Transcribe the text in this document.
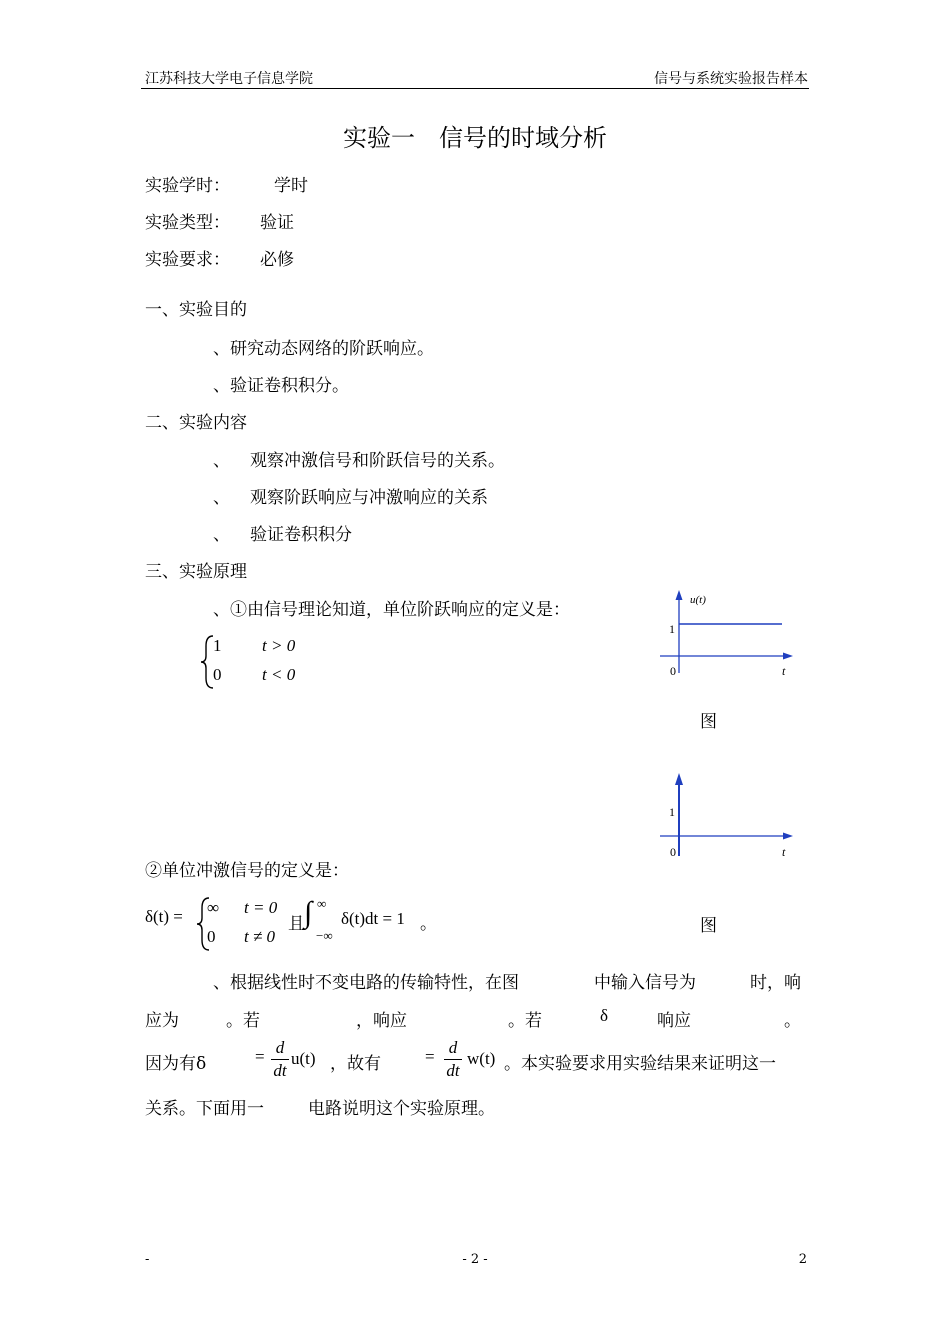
江苏科技大学电子信息学院	信号与系统实验报告样本
实验一　信号的时域分析
实验学时：	学时
实验类型： 验证
实验要求： 必修
一、实验目的
、研究动态网络的阶跃响应。
、验证卷积积分。
二、实验内容
、 观察冲激信号和阶跃信号的关系。
、 观察阶跃响应与冲激响应的关系
、 验证卷积积分
三、实验原理
、①由信号理论知道，单位阶跃响应的定义是：
1 t > 0
0 t < 0
u(t)
1
0	t
图
1
0	t
②单位冲激信号的定义是：
δ(t) = ∞ t = 0
0 t ≠ 0
且 ∫ ∞
−∞
δ(t)dt = 1 。	图
、根据线性时不变电路的传输特性，在图	中输入信号为	时，响
应为	。若	，响应	。若	δ	响应	。
因为有δ	= d
dt
u(t) ，故有	= d
dt
w(t) 。本实验要求用实验结果来证明这一
关系。下面用一	电路说明这个实验原理。
-	- 2 -	2
